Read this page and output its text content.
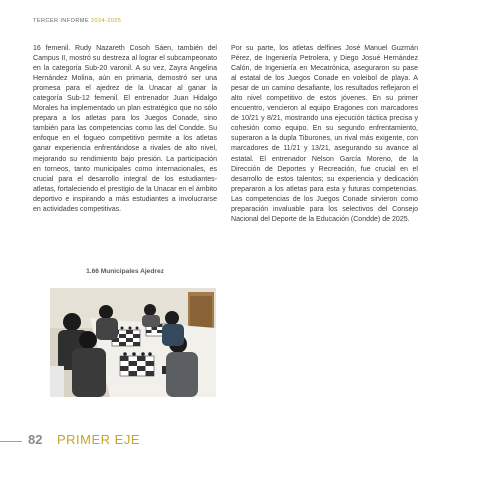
TERCER INFORME 2024-2025

16 femenil. Rudy Nazareth Cosoh Sáen, también del Campus II, mostró su destreza al lograr el subcampeonato en la categoría Sub-20 varonil. A su vez, Zayra Angelina Hernández Molina, aún en primaria, demostró ser una promesa para el ajedrez de la Unacar al ganar la categoría Sub-12 femenil. El entrenador Juan Hidalgo Morales ha implementado un plan estratégico que no sólo prepara a los atletas para los Juegos Conade, sino también para las competencias como las del Condde. Su enfoque en el fogueo competitivo permite a los atletas ganar experiencia enfrentándose a rivales de alto nivel, mejorando su rendimiento bajo presión. La participación en torneos, tanto municipales como internacionales, es crucial para el desarrollo integral de los estudiantes-atletas, fortaleciendo el prestigio de la Unacar en el ámbito deportivo e inspirando a más estudiantes a involucrarse en actividades competitivas.

1.66 Municipales Ajedrez

Por su parte, los atletas delfines José Manuel Guzmán Pérez, de Ingeniería Petrolera, y Diego Josué Hernández Calón, de Ingeniería en Mecatrónica, aseguraron su pase al estatal de los Juegos Conade en voleibol de playa. A pesar de un camino desafiante, los resultados reflejaron el alto nivel competitivo de estos jóvenes. En su primer encuentro, vencieron al equipo Eragones con marcadores de 10/21 y 8/21, mostrando una ejecución táctica precisa y cohesión como equipo. En su segundo enfrentamiento, superaron a la dupla Tiburones, un rival más exigente, con marcadores de 11/21 y 13/21, asegurando su avance al estatal. El entrenador Nelson García Moreno, de la Dirección de Deportes y Recreación, fue crucial en el desarrollo de estos talentos; su experiencia y dedicación prepararon a los atletas para esta y futuras competencias. Las competencias de los Juegos Conade sirvieron como preparación invaluable para los selectivos del Consejo Nacional del Deporte de la Educación (Condde) de 2025.

82 PRIMER EJE
